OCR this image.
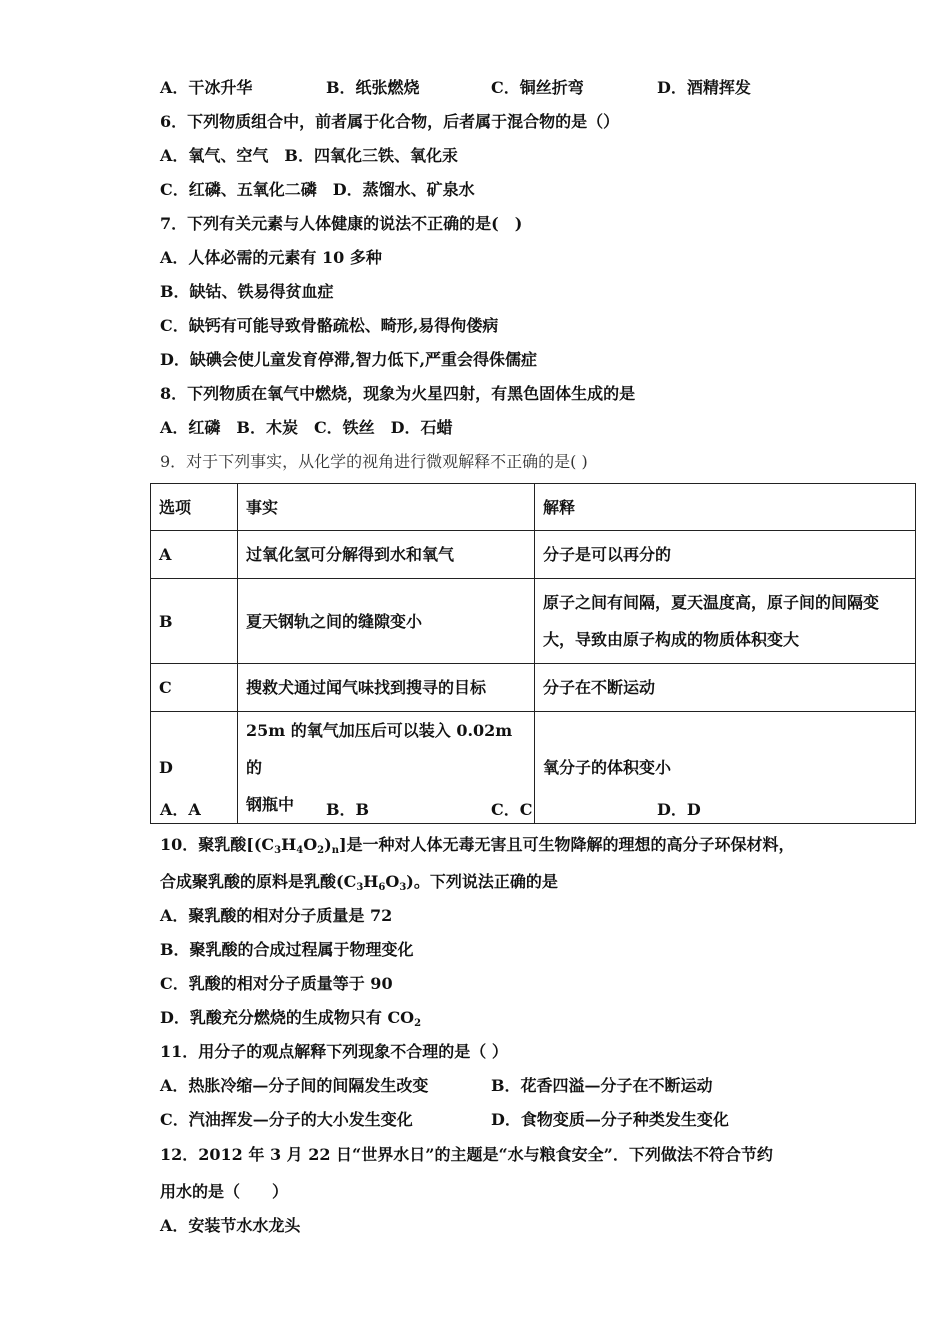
A．干冰升华	B．纸张燃烧	C．铜丝折弯	D．酒精挥发
6．下列物质组合中，前者属于化合物，后者属于混合物的是（）
A．氧气、空气　B．四氧化三铁、氧化汞
C．红磷、五氧化二磷　D．蒸馏水、矿泉水
7．下列有关元素与人体健康的说法不正确的是(　)
A．人体必需的元素有 10 多种
B．缺钴、铁易得贫血症
C．缺钙有可能导致骨骼疏松、畸形,易得佝偻病
D．缺碘会使儿童发育停滞,智力低下,严重会得侏儒症
8．下列物质在氧气中燃烧，现象为火星四射，有黑色固体生成的是
A．红磷　B．木炭　C．铁丝　D．石蜡
9．对于下列事实，从化学的视角进行微观解释不正确的是( )
选项	事实	解释
A	过氧化氢可分解得到水和氧气	分子是可以再分的
B	夏天钢轨之间的缝隙变小	原子之间有间隔，夏天温度高，原子间的间隔变
大，导致由原子构成的物质体积变大
C	搜救犬通过闻气味找到搜寻的目标	分子在不断运动
D	25m 的氧气加压后可以装入 0.02m 的
钢瓶中	氧分子的体积变小
A．A	B．B	C．C	D．D
10．聚乳酸$[(C_3H_4O_2)_n]$是一种对人体无毒无害且可生物降解的理想的高分子环保材料，
合成聚乳酸的原料是乳酸$(C_3H_6O_3)$。下列说法正确的是
A．聚乳酸的相对分子质量是 72
B．聚乳酸的合成过程属于物理变化
C．乳酸的相对分子质量等于 90
D．乳酸充分燃烧的生成物只有 $CO_2$
11．用分子的观点解释下列现象不合理的是（ ）
A．热胀冷缩—分子间的间隔发生改变	B．花香四溢—分子在不断运动
C．汽油挥发—分子的大小发生变化	D．食物变质—分子种类发生变化
12．2012 年 3 月 22 日“世界水日”的主题是“水与粮食安全”．下列做法不符合节约
用水的是（　　）
A．安装节水水龙头
